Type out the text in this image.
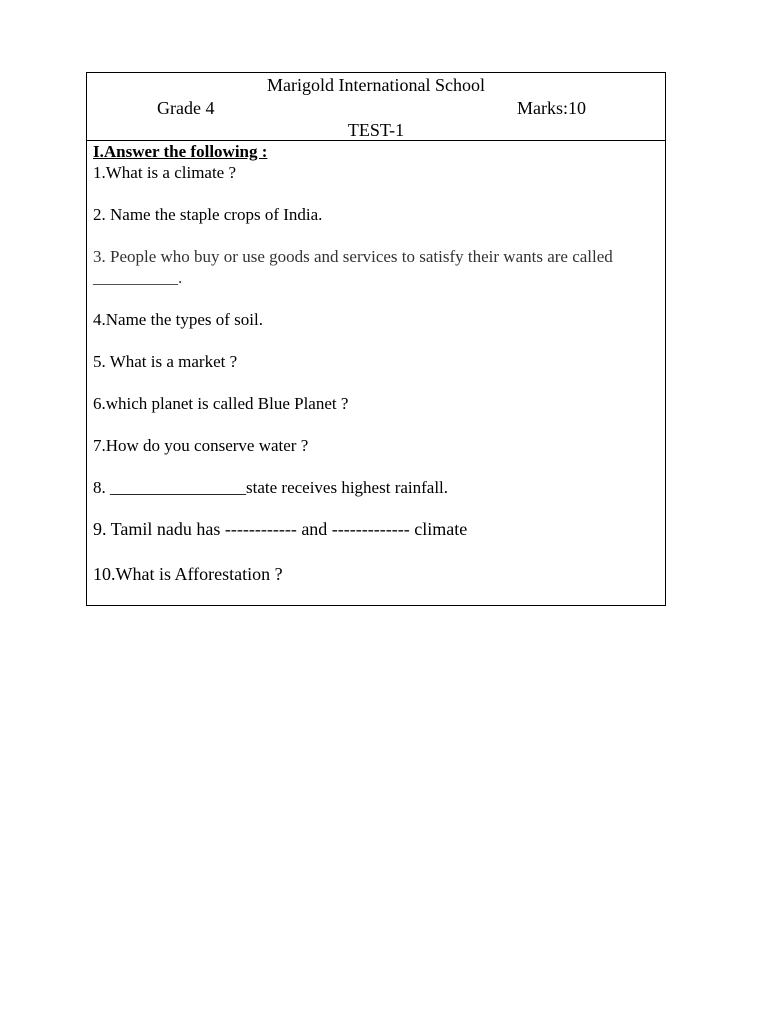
Marigold International School
Grade 4	Marks:10
TEST-1
I.Answer the following :
1.What is a climate ?
2. Name the staple crops of India.
3. People who buy or use goods and services to satisfy their wants are called __________.
4.Name the types of soil.
5. What is a market ?
6.which planet is called Blue Planet ?
7.How do you conserve water ?
8. ________________state receives highest rainfall.
9. Tamil nadu has ------------ and ------------- climate
10.What is Afforestation ?
